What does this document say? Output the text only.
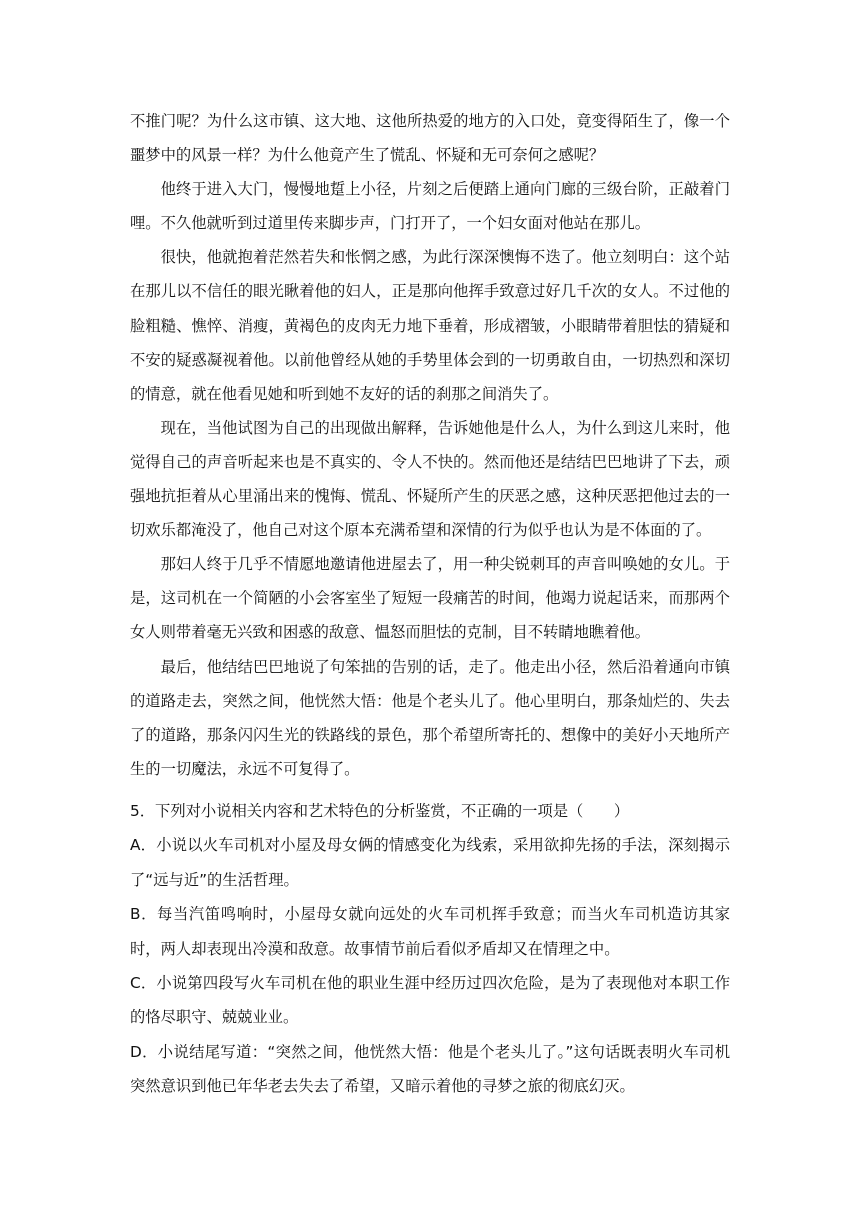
不推门呢？为什么这市镇、这大地、这他所热爱的地方的入口处，竟变得陌生了，像一个噩梦中的风景一样？为什么他竟产生了慌乱、怀疑和无可奈何之感呢？

他终于进入大门，慢慢地踅上小径，片刻之后便踏上通向门廊的三级台阶，正敲着门哩。不久他就听到过道里传来脚步声，门打开了，一个妇女面对他站在那儿。

很快，他就抱着茫然若失和怅惘之感，为此行深深懊悔不迭了。他立刻明白：这个站在那儿以不信任的眼光瞅着他的妇人，正是那向他挥手致意过好几千次的女人。不过他的脸粗糙、憔悴、消瘦，黄褐色的皮肉无力地下垂着，形成褶皱，小眼睛带着胆怯的猜疑和不安的疑惑凝视着他。以前他曾经从她的手势里体会到的一切勇敢自由，一切热烈和深切的情意，就在他看见她和听到她不友好的话的刹那之间消失了。

现在，当他试图为自己的出现做出解释，告诉她他是什么人，为什么到这儿来时，他觉得自己的声音听起来也是不真实的、令人不快的。然而他还是结结巴巴地讲了下去，顽强地抗拒着从心里涌出来的愧悔、慌乱、怀疑所产生的厌恶之感，这种厌恶把他过去的一切欢乐都淹没了，他自己对这个原本充满希望和深情的行为似乎也认为是不体面的了。

那妇人终于几乎不情愿地邀请他进屋去了，用一种尖锐刺耳的声音叫唤她的女儿。于是，这司机在一个简陋的小会客室坐了短短一段痛苦的时间，他竭力说起话来，而那两个女人则带着毫无兴致和困惑的敌意、愠怒而胆怯的克制，目不转睛地瞧着他。

最后，他结结巴巴地说了句笨拙的告别的话，走了。他走出小径，然后沿着通向市镇的道路走去，突然之间，他恍然大悟：他是个老头儿了。他心里明白，那条灿烂的、失去了的道路，那条闪闪生光的铁路线的景色，那个希望所寄托的、想像中的美好小天地所产生的一切魔法，永远不可复得了。

5．下列对小说相关内容和艺术特色的分析鉴赏，不正确的一项是（　　）

A．小说以火车司机对小屋及母女俩的情感变化为线索，采用欲抑先扬的手法，深刻揭示了“远与近”的生活哲理。

B．每当汽笛鸣响时，小屋母女就向远处的火车司机挥手致意；而当火车司机造访其家时，两人却表现出冷漠和敌意。故事情节前后看似矛盾却又在情理之中。

C．小说第四段写火车司机在他的职业生涯中经历过四次危险，是为了表现他对本职工作的恪尽职守、兢兢业业。

D．小说结尾写道：“突然之间，他恍然大悟：他是个老头儿了。”这句话既表明火车司机突然意识到他已年华老去失去了希望，又暗示着他的寻梦之旅的彻底幻灭。
